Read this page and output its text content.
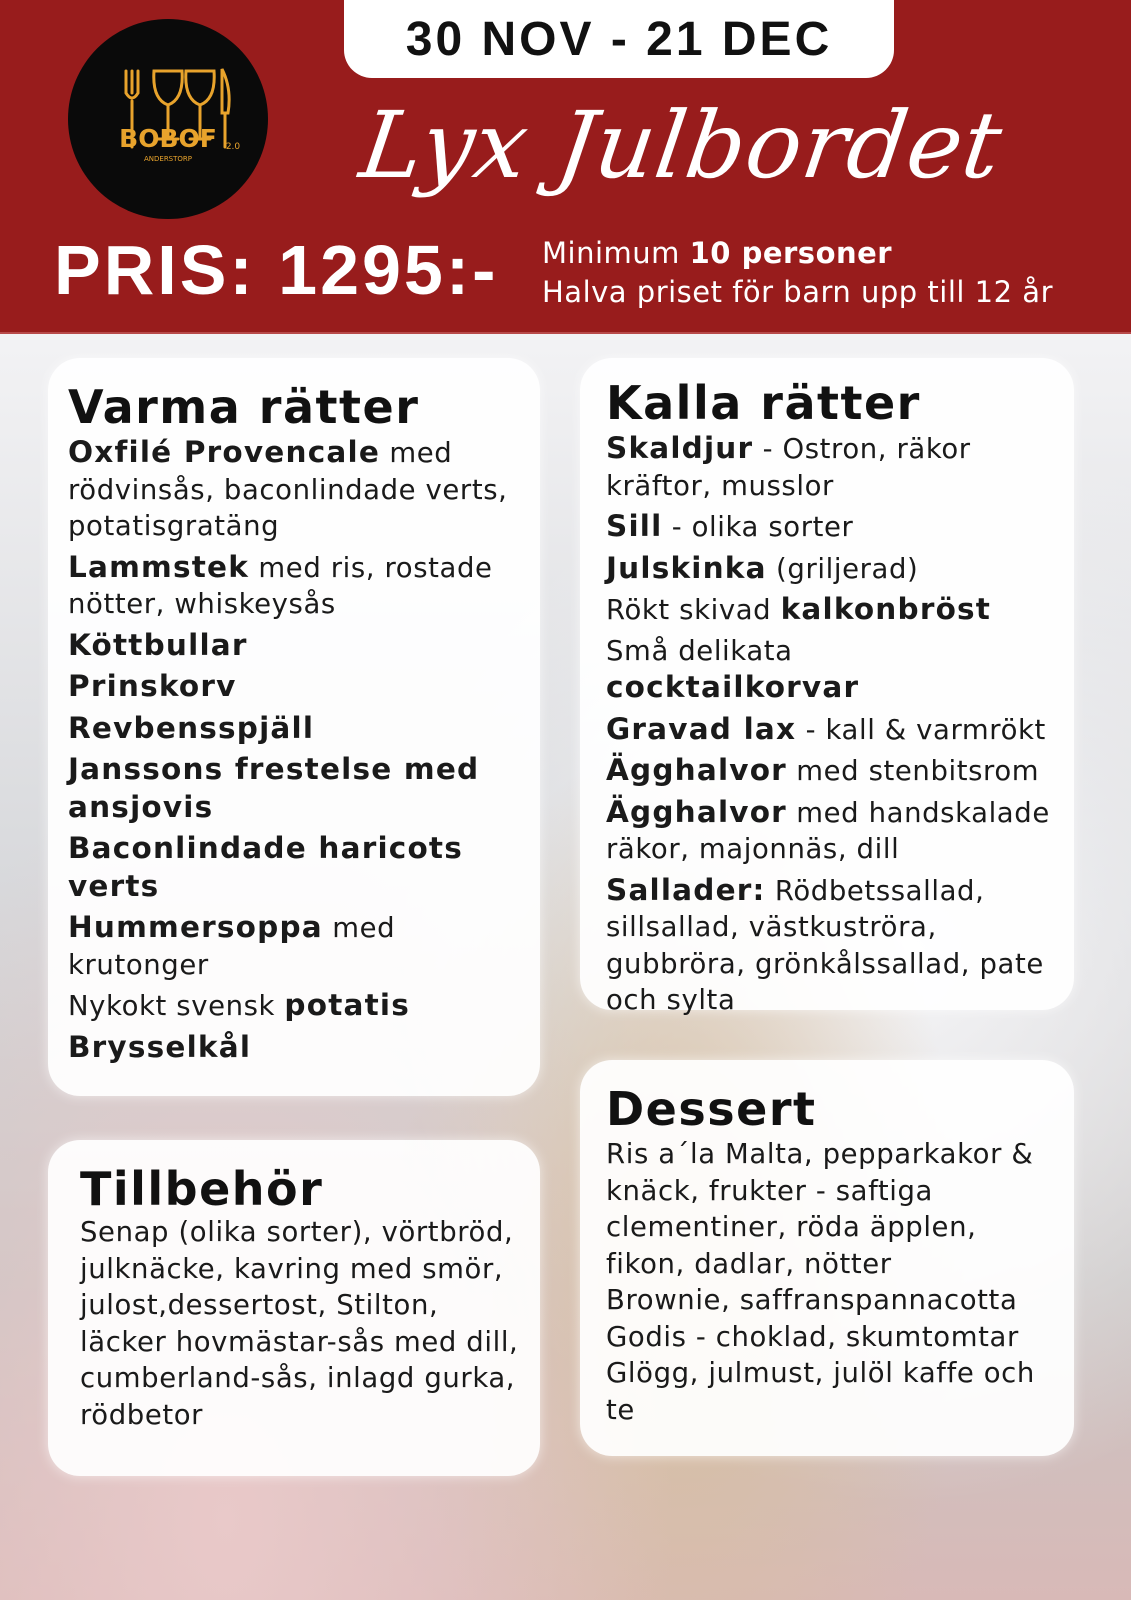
30 NOV - 21 DEC
BOBOF 2.0
ANDERSTORP Lyx Julbordet
PRIS: 1295:- Minimum 10 personer
Halva priset för barn upp till 12 år
Varma rätter
Oxfilé Provencale med rödvinsås, baconlindade verts, potatisgratäng
Lammstek med ris, rostade nötter, whiskeysås
Köttbullar
Prinskorv
Revbensspjäll
Janssons frestelse med ansjovis
Baconlindade haricots verts
Hummersoppa med krutonger
Nykokt svensk potatis
Brysselkål
Kalla rätter
Skaldjur - Ostron, räkor kräftor, musslor
Sill - olika sorter
Julskinka (griljerad)
Rökt skivad kalkonbröst
Små delikata cocktailkorvar
Gravad lax - kall & varmrökt
Ägghalvor med stenbitsrom
Ägghalvor med handskalade räkor, majonnäs, dill
Sallader: Rödbetssallad, sillsallad, västkuströra, gubbröra, grönkålssallad, pate och sylta
Tillbehör
Senap (olika sorter), vörtbröd, julknäcke, kavring med smör, julost,dessertost, Stilton, läcker hovmästar-sås med dill, cumberland-sås, inlagd gurka, rödbetor
Dessert
Ris a´la Malta, pepparkakor & knäck, frukter - saftiga clementiner, röda äpplen, fikon, dadlar, nötter
Brownie, saffranspannacotta
Godis - choklad, skumtomtar
Glögg, julmust, julöl kaffe och te
